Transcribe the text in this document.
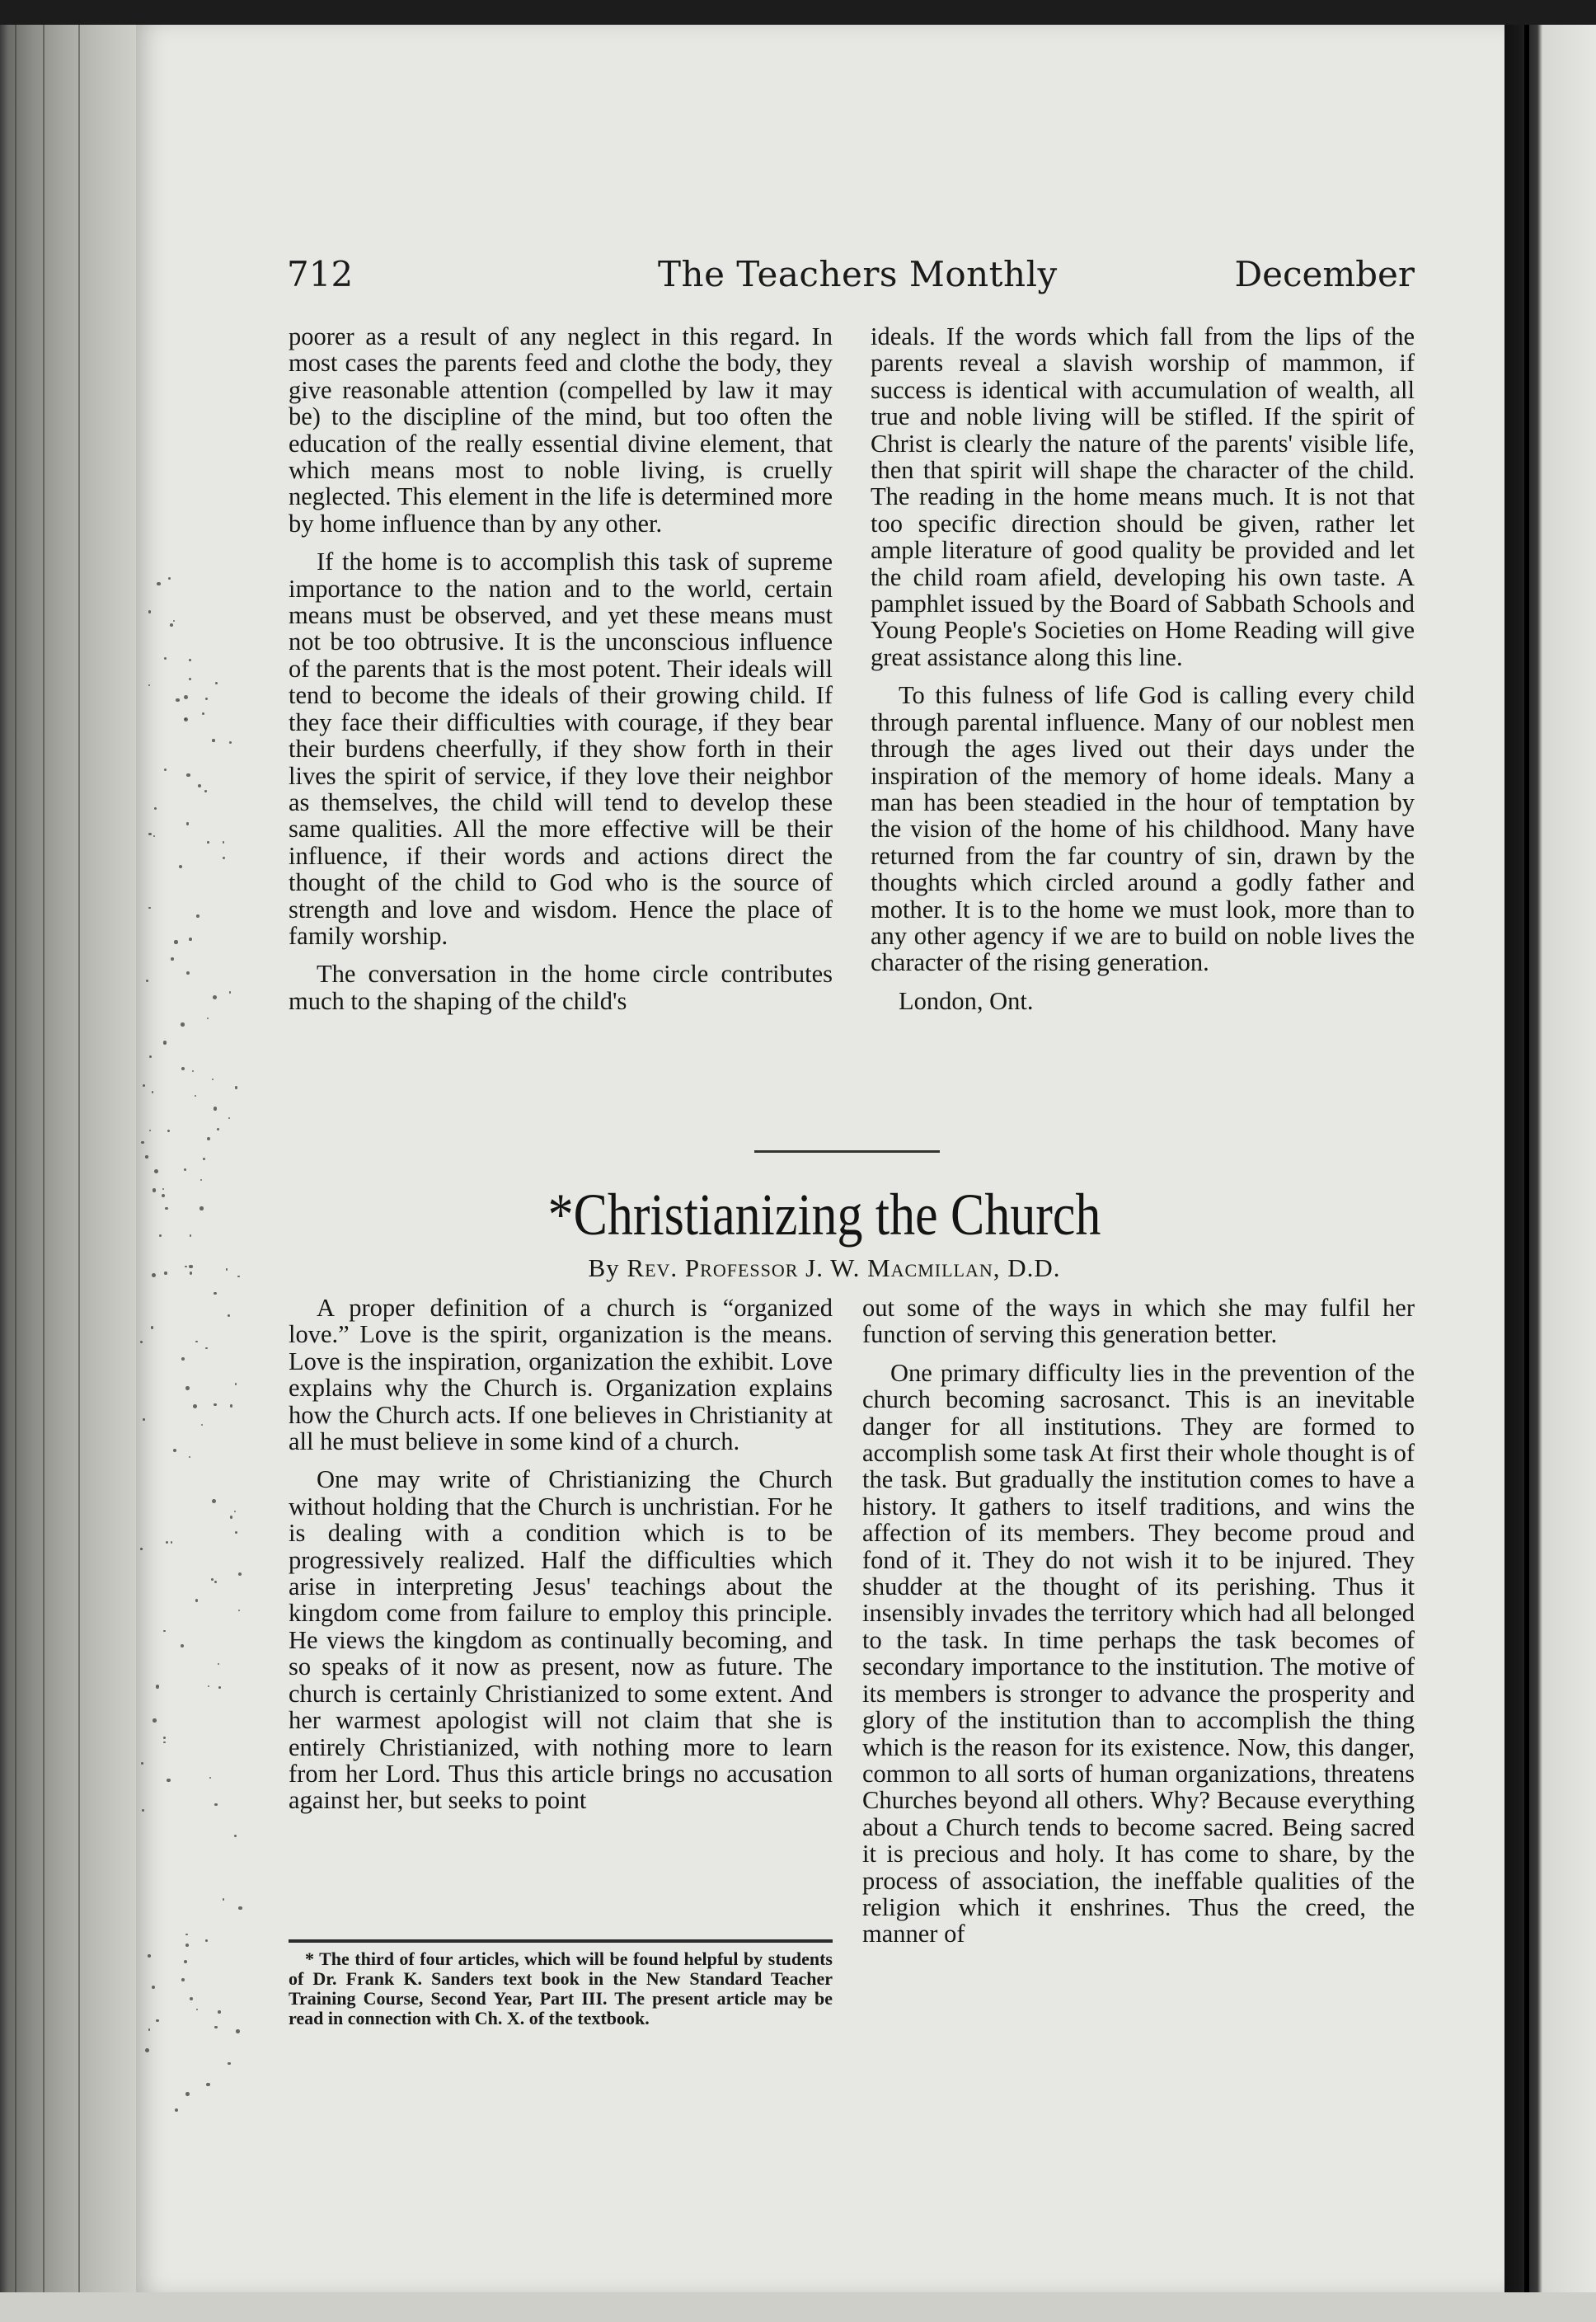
712	The Teachers Monthly	December

poorer as a result of any neglect in this regard. In most cases the parents feed and clothe the body, they give reasonable attention (compelled by law it may be) to the discipline of the mind, but too often the education of the really essential divine element, that which means most to noble living, is cruelly neglected. This element in the life is determined more by home influence than by any other.

If the home is to accomplish this task of supreme importance to the nation and to the world, certain means must be observed, and yet these means must not be too obtrusive. It is the unconscious influence of the parents that is the most potent. Their ideals will tend to become the ideals of their growing child. If they face their difficulties with courage, if they bear their burdens cheerfully, if they show forth in their lives the spirit of service, if they love their neighbor as themselves, the child will tend to develop these same qualities. All the more effective will be their influence, if their words and actions direct the thought of the child to God who is the source of strength and love and wisdom. Hence the place of family worship.

The conversation in the home circle contributes much to the shaping of the child's

ideals. If the words which fall from the lips of the parents reveal a slavish worship of mammon, if success is identical with accumulation of wealth, all true and noble living will be stifled. If the spirit of Christ is clearly the nature of the parents' visible life, then that spirit will shape the character of the child. The reading in the home means much. It is not that too specific direction should be given, rather let ample literature of good quality be provided and let the child roam afield, developing his own taste. A pamphlet issued by the Board of Sabbath Schools and Young People's Societies on Home Reading will give great assistance along this line.

To this fulness of life God is calling every child through parental influence. Many of our noblest men through the ages lived out their days under the inspiration of the memory of home ideals. Many a man has been steadied in the hour of temptation by the vision of the home of his childhood. Many have returned from the far country of sin, drawn by the thoughts which circled around a godly father and mother. It is to the home we must look, more than to any other agency if we are to build on noble lives the character of the rising generation.

London, Ont.

*Christianizing the Church
By Rev. Professor J. W. Macmillan, D.D.

A proper definition of a church is “organized love.” Love is the spirit, organization is the means. Love is the inspiration, organization the exhibit. Love explains why the Church is. Organization explains how the Church acts. If one believes in Christianity at all he must believe in some kind of a church.

One may write of Christianizing the Church without holding that the Church is unchristian. For he is dealing with a condition which is to be progressively realized. Half the difficulties which arise in interpreting Jesus' teachings about the kingdom come from failure to employ this principle. He views the kingdom as continually becoming, and so speaks of it now as present, now as future. The church is certainly Christianized to some extent. And her warmest apologist will not claim that she is entirely Christianized, with nothing more to learn from her Lord. Thus this article brings no accusation against her, but seeks to point

out some of the ways in which she may fulfil her function of serving this generation better.

One primary difficulty lies in the prevention of the church becoming sacrosanct. This is an inevitable danger for all institutions. They are formed to accomplish some task At first their whole thought is of the task. But gradually the institution comes to have a history. It gathers to itself traditions, and wins the affection of its members. They become proud and fond of it. They do not wish it to be injured. They shudder at the thought of its perishing. Thus it insensibly invades the territory which had all belonged to the task. In time perhaps the task becomes of secondary importance to the institution. The motive of its members is stronger to advance the prosperity and glory of the institution than to accomplish the thing which is the reason for its existence. Now, this danger, common to all sorts of human organizations, threatens Churches beyond all others. Why? Because everything about a Church tends to become sacred. Being sacred it is precious and holy. It has come to share, by the process of association, the ineffable qualities of the religion which it enshrines. Thus the creed, the manner of

* The third of four articles, which will be found helpful by students of Dr. Frank K. Sanders text book in the New Standard Teacher Training Course, Second Year, Part III. The present article may be read in connection with Ch. X. of the textbook.
